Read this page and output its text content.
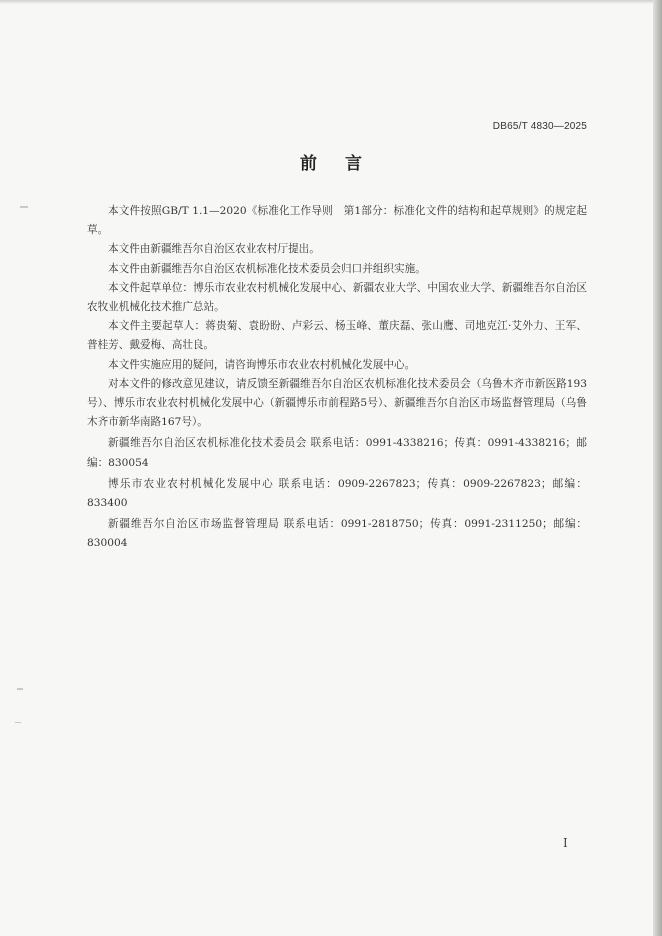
DB65/T 4830—2025
前言

本文件按照GB/T 1.1—2020《标准化工作导则　第1部分：标准化文件的结构和起草规则》的规定起草。

本文件由新疆维吾尔自治区农业农村厅提出。

本文件由新疆维吾尔自治区农机标准化技术委员会归口并组织实施。

本文件起草单位：博乐市农业农村机械化发展中心、新疆农业大学、中国农业大学、新疆维吾尔自治区农牧业机械化技术推广总站。

本文件主要起草人：蒋贵菊、袁盼盼、卢彩云、杨玉峰、董庆磊、张山鹰、司地克江·艾外力、王军、普桂芳、戴爱梅、高壮良。

本文件实施应用的疑问，请咨询博乐市农业农村机械化发展中心。

对本文件的修改意见建议，请反馈至新疆维吾尔自治区农机标准化技术委员会（乌鲁木齐市新医路193号）、博乐市农业农村机械化发展中心（新疆博乐市前程路5号）、新疆维吾尔自治区市场监督管理局（乌鲁木齐市新华南路167号）。

新疆维吾尔自治区农机标准化技术委员会 联系电话：0991-4338216；传真：0991-4338216；邮编：830054

博乐市农业农村机械化发展中心 联系电话：0909-2267823；传真：0909-2267823；邮编：833400

新疆维吾尔自治区市场监督管理局 联系电话：0991-2818750；传真：0991-2311250；邮编：830004

I
